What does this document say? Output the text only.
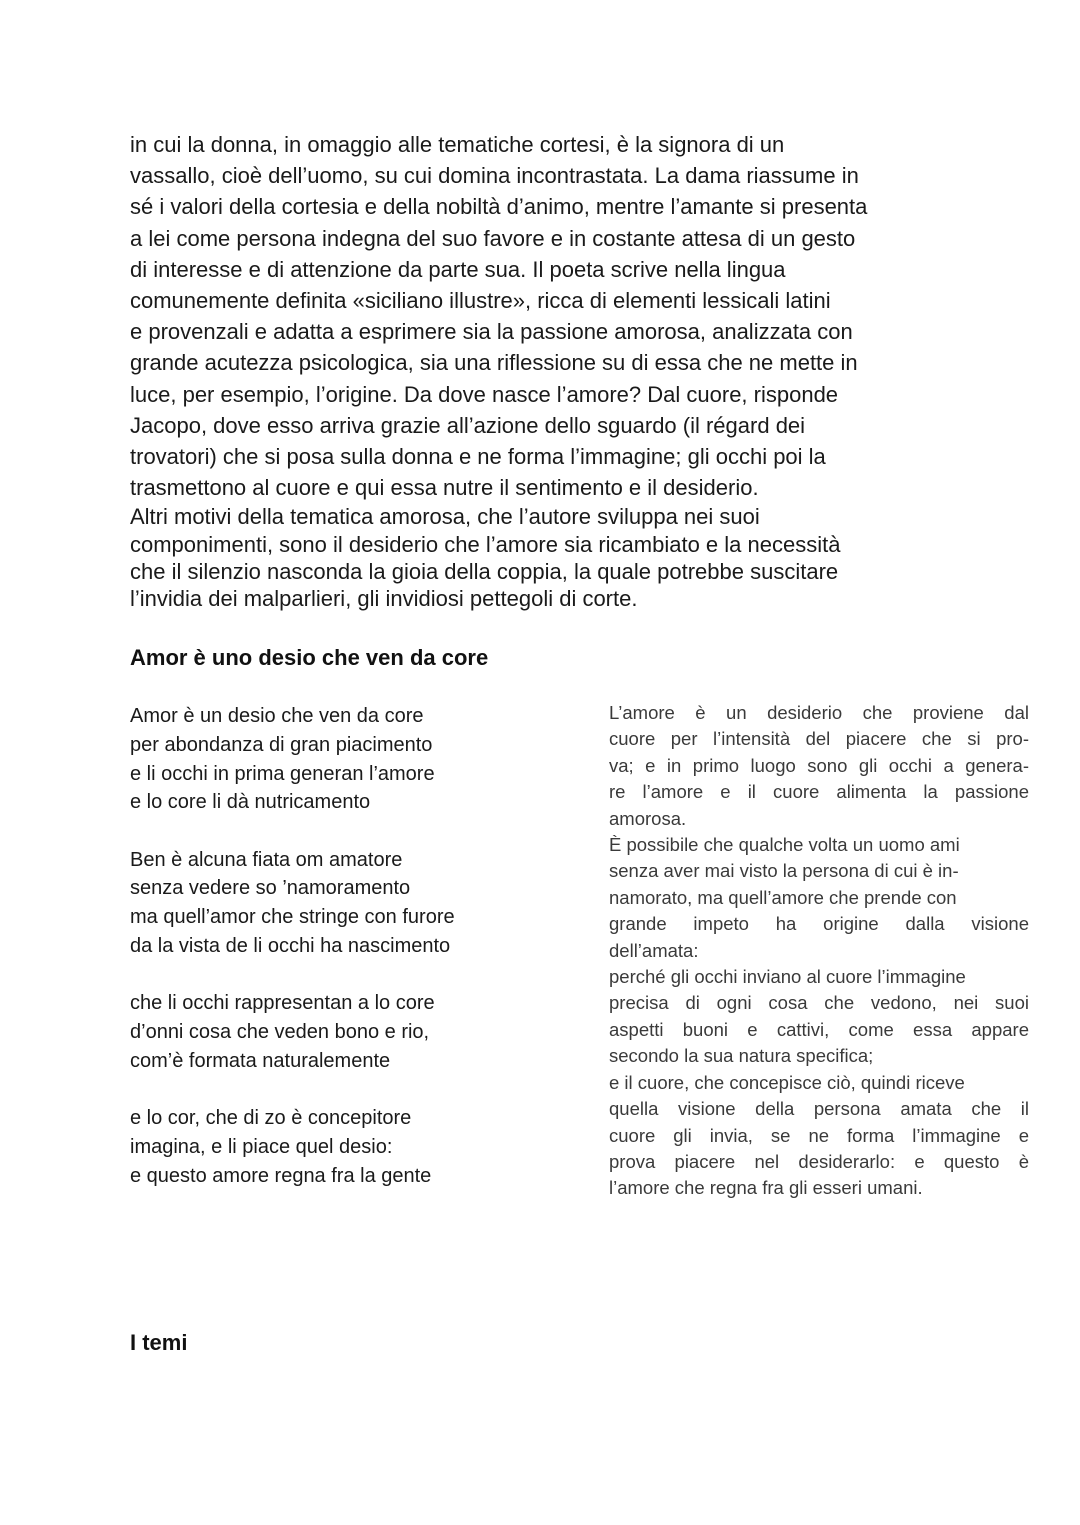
in cui la donna, in omaggio alle tematiche cortesi, è la signora di un
vassallo, cioè dell’uomo, su cui domina incontrastata. La dama riassume in
sé i valori della cortesia e della nobiltà d’animo, mentre l’amante si presenta
a lei come persona indegna del suo favore e in costante attesa di un gesto
di interesse e di attenzione da parte sua. Il poeta scrive nella lingua
comunemente definita «siciliano illustre», ricca di elementi lessicali latini
e provenzali e adatta a esprimere sia la passione amorosa, analizzata con
grande acutezza psicologica, sia una riflessione su di essa che ne mette in
luce, per esempio, l’origine. Da dove nasce l’amore? Dal cuore, risponde
Jacopo, dove esso arriva grazie all’azione dello sguardo (il régard dei
trovatori) che si posa sulla donna e ne forma l’immagine; gli occhi poi la
trasmettono al cuore e qui essa nutre il sentimento e il desiderio.
Altri motivi della tematica amorosa, che l’autore sviluppa nei suoi
componimenti, sono il desiderio che l’amore sia ricambiato e la necessità
che il silenzio nasconda la gioia della coppia, la quale potrebbe suscitare
l’invidia dei malparlieri, gli invidiosi pettegoli di corte.
Amor è uno desio che ven da core
Amor è un desio che ven da core
per abondanza di gran piacimento
e li occhi in prima generan l’amore
e lo core li dà nutricamento
Ben è alcuna fiata om amatore
senza vedere so ’namoramento
ma quell’amor che stringe con furore
da la vista de li occhi ha nascimento
che li occhi rappresentan a lo core
d’onni cosa che veden bono e rio,
com’è formata naturalemente
e lo cor, che di zo è concepitore
imagina, e li piace quel desio:
e questo amore regna fra la gente
L’amore è un desiderio che proviene dal
cuore per l’intensità del piacere che si pro-
va; e in primo luogo sono gli occhi a genera-
re l’amore e il cuore alimenta la passione
amorosa.
È possibile che qualche volta un uomo ami
senza aver mai visto la persona di cui è in-
namorato, ma quell’amore che prende con
grande impeto ha origine dalla visione
dell’amata:
perché gli occhi inviano al cuore l’immagine
precisa di ogni cosa che vedono, nei suoi
aspetti buoni e cattivi, come essa appare
secondo la sua natura specifica;
e il cuore, che concepisce ciò, quindi riceve
quella visione della persona amata che il
cuore gli invia, se ne forma l’immagine e
prova piacere nel desiderarlo: e questo è
l’amore che regna fra gli esseri umani.
I temi
